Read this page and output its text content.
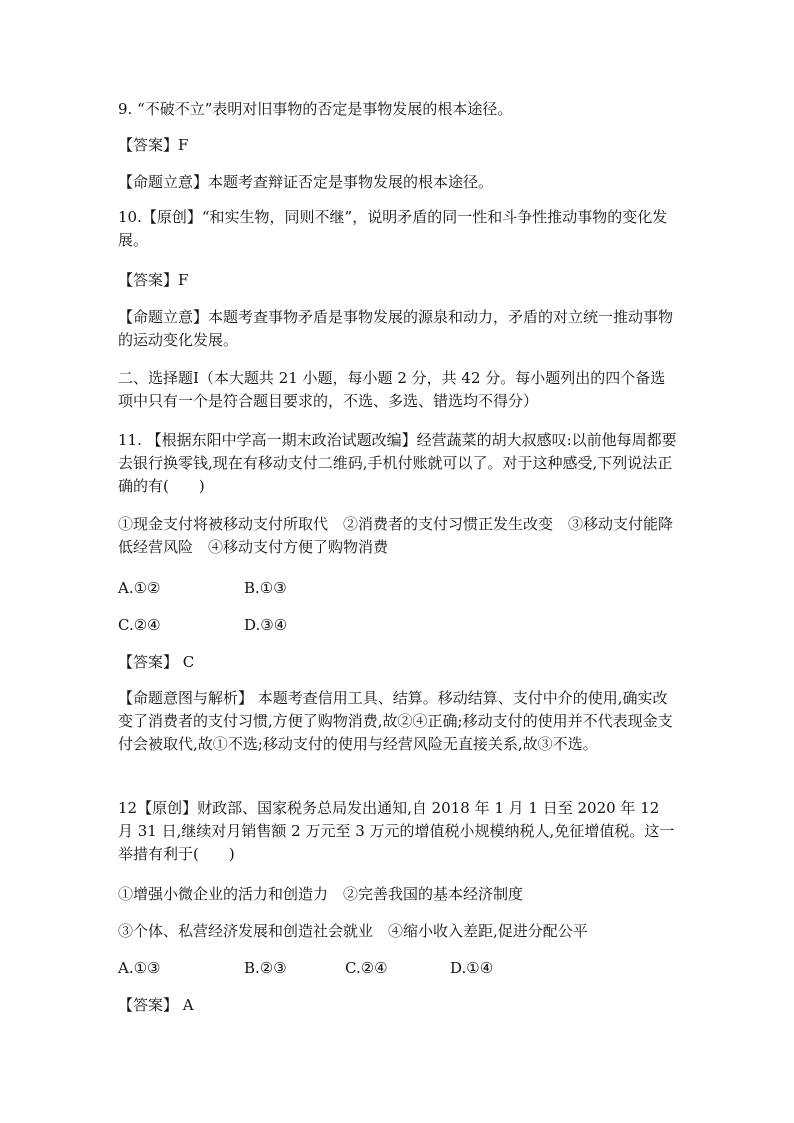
9. “不破不立”表明对旧事物的否定是事物发展的根本途径。
【答案】F
【命题立意】本题考查辩证否定是事物发展的根本途径。
10.【原创】“和实生物，同则不继”，说明矛盾的同一性和斗争性推动事物的变化发展。
【答案】F
【命题立意】本题考查事物矛盾是事物发展的源泉和动力，矛盾的对立统一推动事物的运动变化发展。
二、选择题Ⅰ（本大题共 21 小题，每小题 2 分，共 42 分。每小题列出的四个备选项中只有一个是符合题目要求的，不选、多选、错选均不得分）
11. 【根据东阳中学高一期末政治试题改编】经营蔬菜的胡大叔感叹:以前他每周都要去银行换零钱,现在有移动支付二维码,手机付账就可以了。对于这种感受,下列说法正确的有(　　)
①现金支付将被移动支付所取代　②消费者的支付习惯正发生改变　③移动支付能降低经营风险　④移动支付方便了购物消费
A.①②	B.①③
C.②④	D.③④
【答案】 C
【命题意图与解析】 本题考查信用工具、结算。移动结算、支付中介的使用,确实改变了消费者的支付习惯,方便了购物消费,故②④正确;移动支付的使用并不代表现金支付会被取代,故①不选;移动支付的使用与经营风险无直接关系,故③不选。
12【原创】财政部、国家税务总局发出通知,自 2018 年 1 月 1 日至 2020 年 12 月 31 日,继续对月销售额 2 万元至 3 万元的增值税小规模纳税人,免征增值税。这一举措有利于(　　)
①增强小微企业的活力和创造力　②完善我国的基本经济制度
③个体、私营经济发展和创造社会就业　④缩小收入差距,促进分配公平
A.①③	B.②③	C.②④	D.①④
【答案】 A
